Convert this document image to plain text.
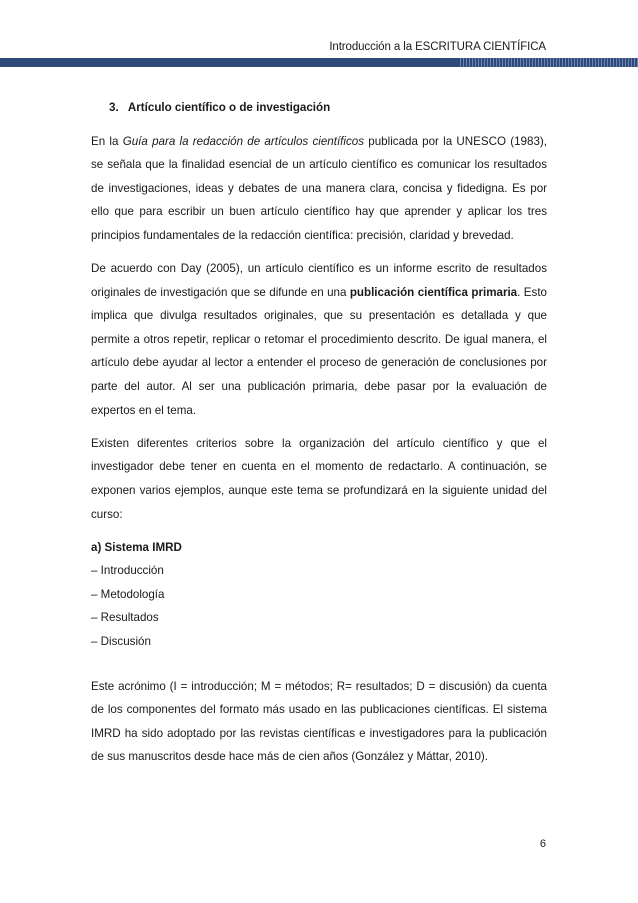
Introducción a la ESCRITURA CIENTÍFICA
3. Artículo científico o de investigación

En la Guía para la redacción de artículos científicos publicada por la UNESCO (1983), se señala que la finalidad esencial de un artículo científico es comunicar los resultados de investigaciones, ideas y debates de una manera clara, concisa y fidedigna. Es por ello que para escribir un buen artículo científico hay que aprender y aplicar los tres principios fundamentales de la redacción científica: precisión, claridad y brevedad.

De acuerdo con Day (2005), un artículo científico es un informe escrito de resultados originales de investigación que se difunde en una publicación científica primaria. Esto implica que divulga resultados originales, que su presentación es detallada y que permite a otros repetir, replicar o retomar el procedimiento descrito. De igual manera, el artículo debe ayudar al lector a entender el proceso de generación de conclusiones por parte del autor. Al ser una publicación primaria, debe pasar por la evaluación de expertos en el tema.

Existen diferentes criterios sobre la organización del artículo científico y que el investigador debe tener en cuenta en el momento de redactarlo. A continuación, se exponen varios ejemplos, aunque este tema se profundizará en la siguiente unidad del curso:

a) Sistema IMRD
– Introducción
– Metodología
– Resultados
– Discusión

Este acrónimo (I = introducción; M = métodos; R= resultados; D = discusión) da cuenta de los componentes del formato más usado en las publicaciones científicas. El sistema IMRD ha sido adoptado por las revistas científicas e investigadores para la publicación de sus manuscritos desde hace más de cien años (González y Máttar, 2010).

6
